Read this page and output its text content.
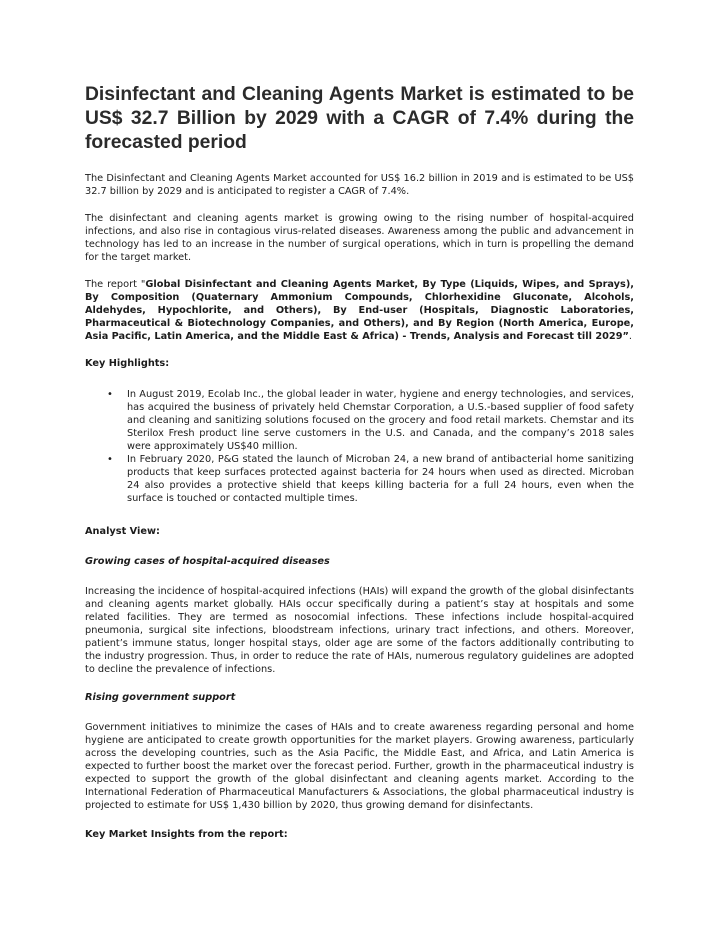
Disinfectant and Cleaning Agents Market is estimated to be US$ 32.7 Billion by 2029 with a CAGR of 7.4% during the forecasted period

The Disinfectant and Cleaning Agents Market accounted for US$ 16.2 billion in 2019 and is estimated to be US$ 32.7 billion by 2029 and is anticipated to register a CAGR of 7.4%.

The disinfectant and cleaning agents market is growing owing to the rising number of hospital-acquired infections, and also rise in contagious virus-related diseases. Awareness among the public and advancement in technology has led to an increase in the number of surgical operations, which in turn is propelling the demand for the target market.

The report "Global Disinfectant and Cleaning Agents Market, By Type (Liquids, Wipes, and Sprays), By Composition (Quaternary Ammonium Compounds, Chlorhexidine Gluconate, Alcohols, Aldehydes, Hypochlorite, and Others), By End-user (Hospitals, Diagnostic Laboratories, Pharmaceutical & Biotechnology Companies, and Others), and By Region (North America, Europe, Asia Pacific, Latin America, and the Middle East & Africa) - Trends, Analysis and Forecast till 2029”.

Key Highlights:

• In August 2019, Ecolab Inc., the global leader in water, hygiene and energy technologies, and services, has acquired the business of privately held Chemstar Corporation, a U.S.-based supplier of food safety and cleaning and sanitizing solutions focused on the grocery and food retail markets. Chemstar and its Sterilox Fresh product line serve customers in the U.S. and Canada, and the company’s 2018 sales were approximately US$40 million.
• In February 2020, P&G stated the launch of Microban 24, a new brand of antibacterial home sanitizing products that keep surfaces protected against bacteria for 24 hours when used as directed. Microban 24 also provides a protective shield that keeps killing bacteria for a full 24 hours, even when the surface is touched or contacted multiple times.

Analyst View:

Growing cases of hospital-acquired diseases

Increasing the incidence of hospital-acquired infections (HAIs) will expand the growth of the global disinfectants and cleaning agents market globally. HAIs occur specifically during a patient’s stay at hospitals and some related facilities. They are termed as nosocomial infections. These infections include hospital-acquired pneumonia, surgical site infections, bloodstream infections, urinary tract infections, and others. Moreover, patient’s immune status, longer hospital stays, older age are some of the factors additionally contributing to the industry progression. Thus, in order to reduce the rate of HAIs, numerous regulatory guidelines are adopted to decline the prevalence of infections.

Rising government support

Government initiatives to minimize the cases of HAIs and to create awareness regarding personal and home hygiene are anticipated to create growth opportunities for the market players. Growing awareness, particularly across the developing countries, such as the Asia Pacific, the Middle East, and Africa, and Latin America is expected to further boost the market over the forecast period. Further, growth in the pharmaceutical industry is expected to support the growth of the global disinfectant and cleaning agents market. According to the International Federation of Pharmaceutical Manufacturers & Associations, the global pharmaceutical industry is projected to estimate for US$ 1,430 billion by 2020, thus growing demand for disinfectants.

Key Market Insights from the report:
